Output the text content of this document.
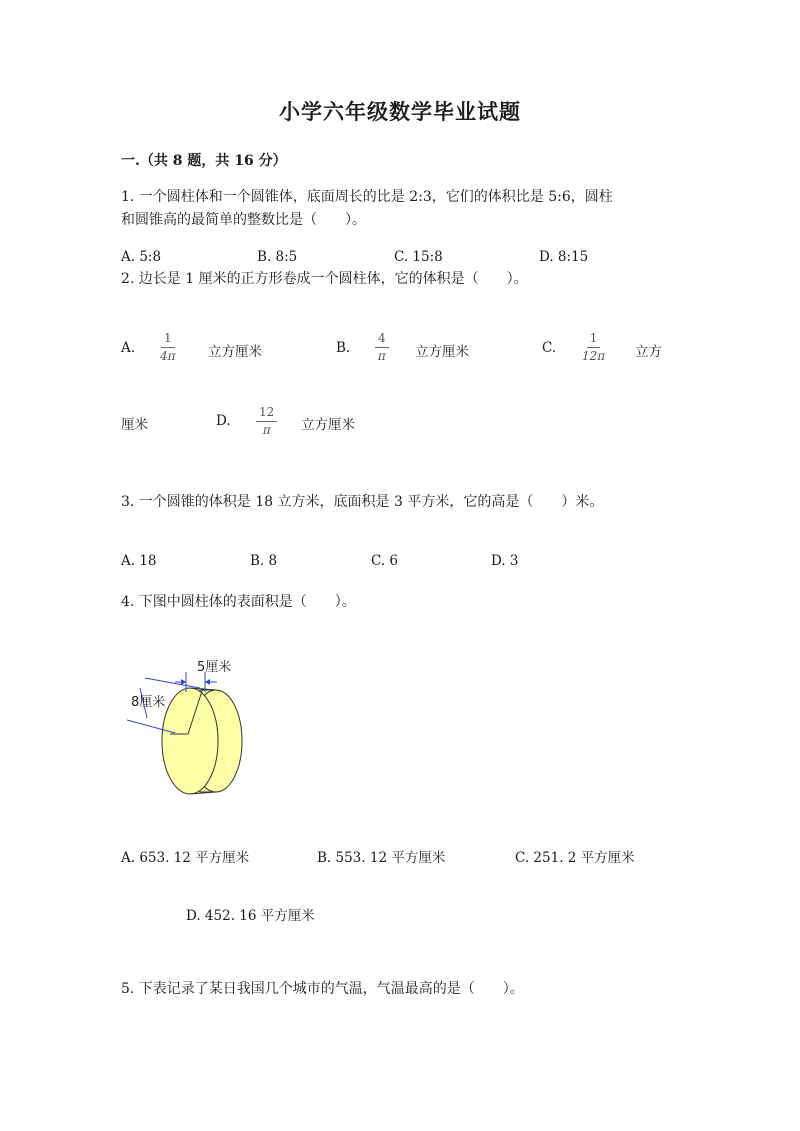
小学六年级数学毕业试题
一.（共 8 题，共 16 分）
1. 一个圆柱体和一个圆锥体，底面周长的比是 2:3，它们的体积比是 5:6，圆柱
和圆锥高的最简单的整数比是（　　）。
A. 5:8	B. 8:5	C. 15:8	D. 8:15
2. 边长是 1 厘米的正方形卷成一个圆柱体，它的体积是（　　）。
A. $\frac{1}{4\pi}$ 立方厘米	B. $\frac{4}{\pi}$ 立方厘米	C. $\frac{1}{12\pi}$ 立方
厘米	D. $\frac{12}{\pi}$ 立方厘米
3. 一个圆锥的体积是 18 立方米，底面积是 3 平方米，它的高是（　　）米。
A. 18	B. 8	C. 6	D. 3
4. 下图中圆柱体的表面积是（　　）。
5厘米
8厘米
A. 653. 12 平方厘米	B. 553. 12 平方厘米	C. 251. 2 平方厘米
D. 452. 16 平方厘米
5. 下表记录了某日我国几个城市的气温，气温最高的是（　　）。
